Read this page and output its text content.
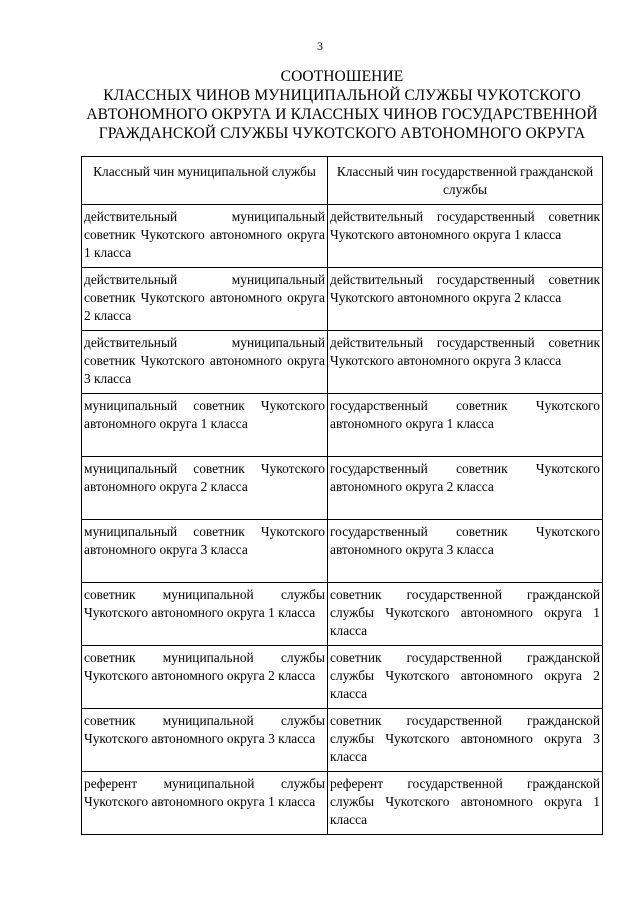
3
СООТНОШЕНИЕ
КЛАССНЫХ ЧИНОВ МУНИЦИПАЛЬНОЙ СЛУЖБЫ ЧУКОТСКОГО
АВТОНОМНОГО ОКРУГА И КЛАССНЫХ ЧИНОВ ГОСУДАРСТВЕННОЙ
ГРАЖДАНСКОЙ СЛУЖБЫ ЧУКОТСКОГО АВТОНОМНОГО ОКРУГА
Классный чин муниципальной службы	Классный чин государственной гражданской службы
действительный муниципальный советник Чукотского автономного округа 1 класса	действительный государственный советник Чукотского автономного округа 1 класса
действительный муниципальный советник Чукотского автономного округа 2 класса	действительный государственный советник Чукотского автономного округа 2 класса
действительный муниципальный советник Чукотского автономного округа 3 класса	действительный государственный советник Чукотского автономного округа 3 класса
муниципальный советник Чукотского автономного округа 1 класса	государственный советник Чукотского автономного округа 1 класса
муниципальный советник Чукотского автономного округа 2 класса	государственный советник Чукотского автономного округа 2 класса
муниципальный советник Чукотского автономного округа 3 класса	государственный советник Чукотского автономного округа 3 класса
советник муниципальной службы Чукотского автономного округа 1 класса	советник государственной гражданской службы Чукотского автономного округа 1 класса
советник муниципальной службы Чукотского автономного округа 2 класса	советник государственной гражданской службы Чукотского автономного округа 2 класса
советник муниципальной службы Чукотского автономного округа 3 класса	советник государственной гражданской службы Чукотского автономного округа 3 класса
референт муниципальной службы Чукотского автономного округа 1 класса	референт государственной гражданской службы Чукотского автономного округа 1 класса
